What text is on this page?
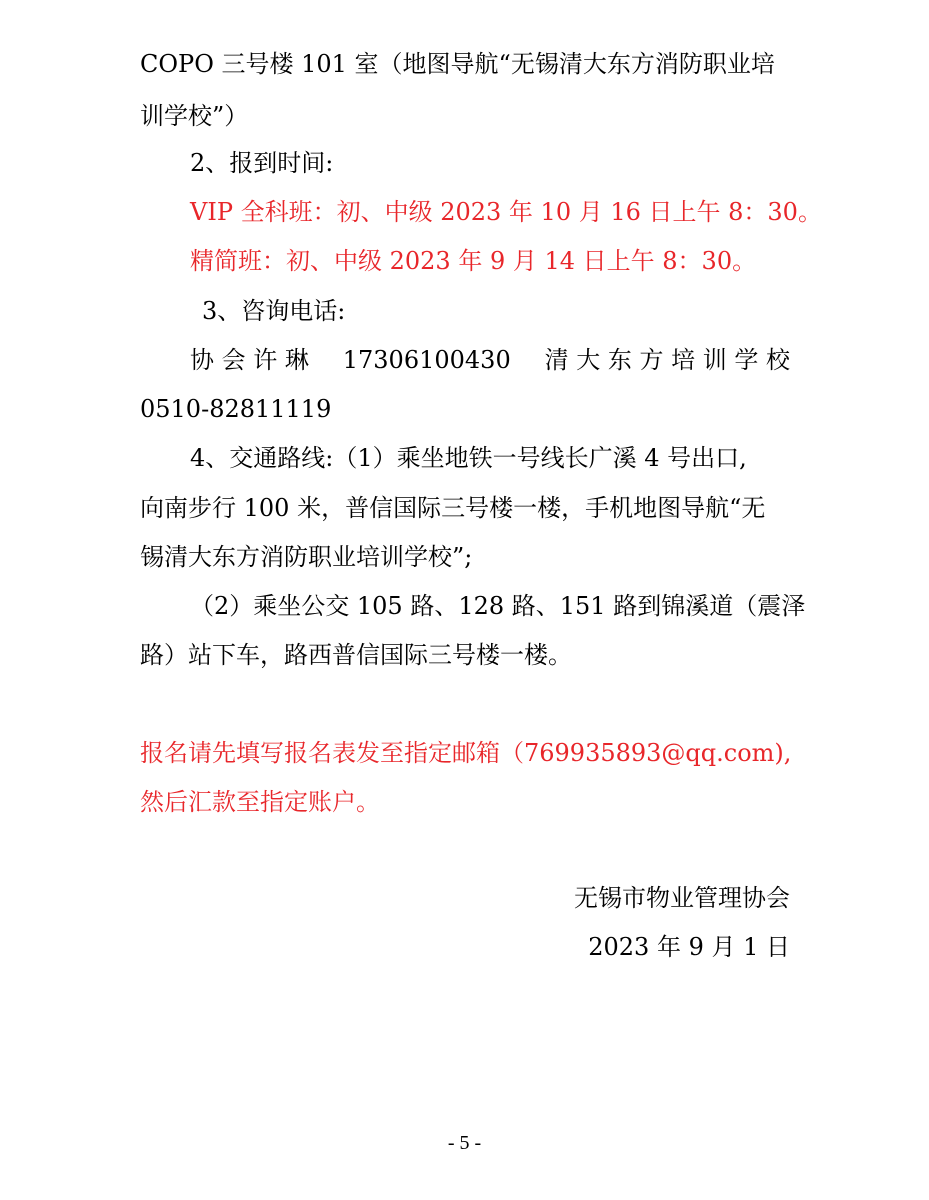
COPO 三号楼 101 室（地图导航“无锡清大东方消防职业培
训学校”）
2、报到时间:
VIP 全科班：初、中级 2023 年 10 月 16 日上午 8：30。
精简班：初、中级 2023 年 9 月 14 日上午 8：30。
3、咨询电话:
协 会 许 琳 17306100430 清 大 东 方 培 训 学 校
0510-82811119
4、交通路线:（1）乘坐地铁一号线长广溪 4 号出口,
向南步行 100 米，普信国际三号楼一楼，手机地图导航“无
锡清大东方消防职业培训学校”;
（2）乘坐公交 105 路、128 路、151 路到锦溪道（震泽
路）站下车，路西普信国际三号楼一楼。
报名请先填写报名表发至指定邮箱（769935893@qq.com),
然后汇款至指定账户。
无锡市物业管理协会
2023 年 9 月 1 日
- 5 -
